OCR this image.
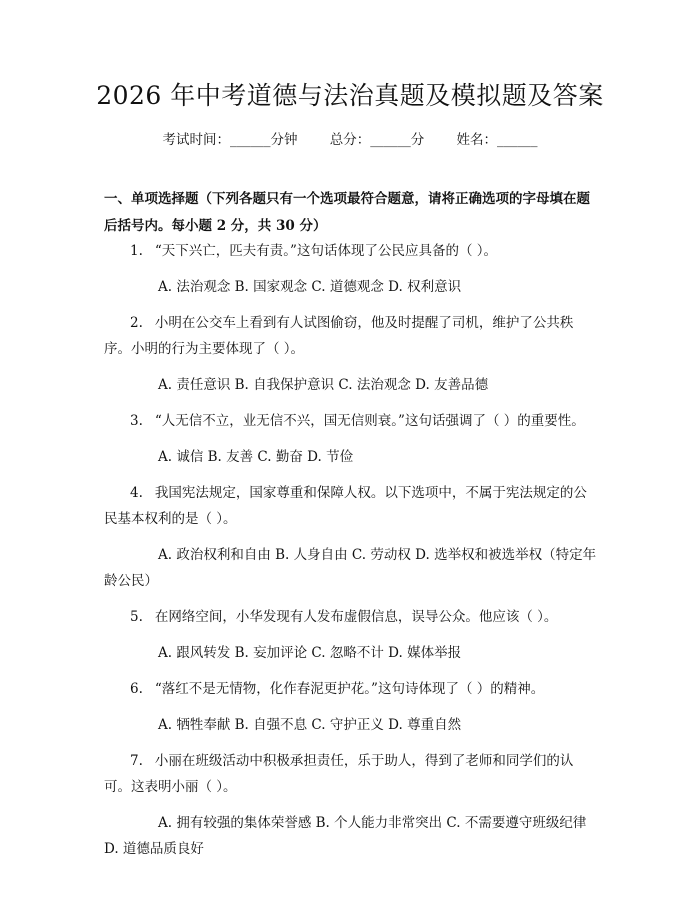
2026 年中考道德与法治真题及模拟题及答案
考试时间：______分钟 总分：______分 姓名：______

一、单项选择题（下列各题只有一个选项最符合题意，请将正确选项的字母填在题后括号内。每小题 2 分，共 30 分）

1. “天下兴亡，匹夫有责。”这句话体现了公民应具备的（ ）。

A. 法治观念 B. 国家观念 C. 道德观念 D. 权利意识

2. 小明在公交车上看到有人试图偷窃，他及时提醒了司机，维护了公共秩序。小明的行为主要体现了（ ）。

A. 责任意识 B. 自我保护意识 C. 法治观念 D. 友善品德

3. “人无信不立，业无信不兴，国无信则衰。”这句话强调了（ ）的重要性。

A. 诚信 B. 友善 C. 勤奋 D. 节俭

4. 我国宪法规定，国家尊重和保障人权。以下选项中，不属于宪法规定的公民基本权利的是（ ）。

A. 政治权利和自由 B. 人身自由 C. 劳动权 D. 选举权和被选举权（特定年龄公民）

5. 在网络空间，小华发现有人发布虚假信息，误导公众。他应该（ ）。

A. 跟风转发 B. 妄加评论 C. 忽略不计 D. 媒体举报

6. “落红不是无情物，化作春泥更护花。”这句诗体现了（ ）的精神。

A. 牺牲奉献 B. 自强不息 C. 守护正义 D. 尊重自然

7. 小丽在班级活动中积极承担责任，乐于助人，得到了老师和同学们的认可。这表明小丽（ ）。

A. 拥有较强的集体荣誉感 B. 个人能力非常突出 C. 不需要遵守班级纪律 D. 道德品质良好
